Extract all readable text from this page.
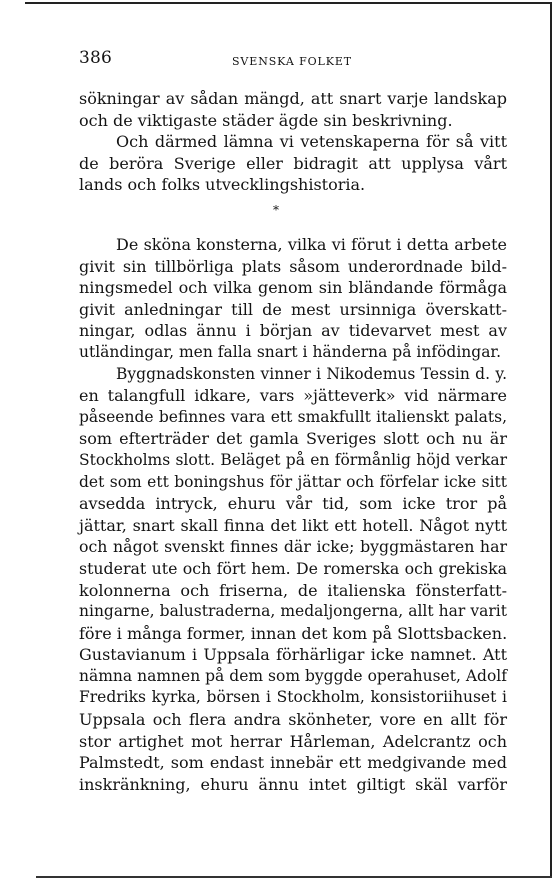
386	SVENSKA FOLKET
sökningar av sådan mängd, att snart varje landskap
och de viktigaste städer ägde sin beskrivning.
Och därmed lämna vi vetenskaperna för så vitt
de beröra Sverige eller bidragit att upplysa vårt
lands och folks utvecklingshistoria.
*
De sköna konsterna, vilka vi förut i detta arbete
givit sin tillbörliga plats såsom underordnade bild-
ningsmedel och vilka genom sin bländande förmåga
givit anledningar till de mest ursinniga överskatt-
ningar, odlas ännu i början av tidevarvet mest av
utländingar, men falla snart i händerna på infödingar.
Byggnadskonsten vinner i Nikodemus Tessin d. y.
en talangfull idkare, vars »jätteverk» vid närmare
påseende befinnes vara ett smakfullt italienskt palats,
som efterträder det gamla Sveriges slott och nu är
Stockholms slott. Beläget på en förmånlig höjd verkar
det som ett boningshus för jättar och förfelar icke sitt
avsedda intryck, ehuru vår tid, som icke tror på
jättar, snart skall finna det likt ett hotell. Något nytt
och något svenskt finnes där icke; byggmästaren har
studerat ute och fört hem. De romerska och grekiska
kolonnerna och friserna, de italienska fönsterfatt-
ningarne, balustraderna, medaljongerna, allt har varit
före i många former, innan det kom på Slottsbacken.
Gustavianum i Uppsala förhärligar icke namnet. Att
nämna namnen på dem som byggde operahuset, Adolf
Fredriks kyrka, börsen i Stockholm, konsistoriihuset i
Uppsala och flera andra skönheter, vore en allt för
stor artighet mot herrar Hårleman, Adelcrantz och
Palmstedt, som endast innebär ett medgivande med
inskränkning, ehuru ännu intet giltigt skäl varför
